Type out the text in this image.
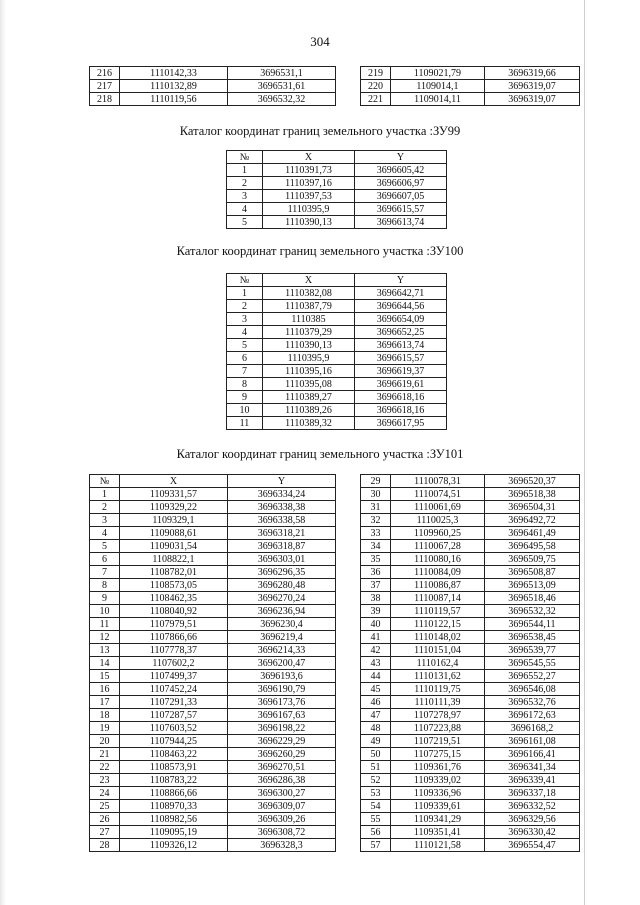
304
216	1110142,33	3696531,1
217	1110132,89	3696531,61
218	1110119,56	3696532,32
219	1109021,79	3696319,66
220	1109014,1	3696319,07
221	1109014,11	3696319,07
Каталог координат границ земельного участка :ЗУ99
№	X	Y
1	1110391,73	3696605,42
2	1110397,16	3696606,97
3	1110397,53	3696607,05
4	1110395,9	3696615,57
5	1110390,13	3696613,74
Каталог координат границ земельного участка :ЗУ100
№	X	Y
1	1110382,08	3696642,71
2	1110387,79	3696644,56
3	1110385	3696654,09
4	1110379,29	3696652,25
5	1110390,13	3696613,74
6	1110395,9	3696615,57
7	1110395,16	3696619,37
8	1110395,08	3696619,61
9	1110389,27	3696618,16
10	1110389,26	3696618,16
11	1110389,32	3696617,95
Каталог координат границ земельного участка :ЗУ101
№	X	Y
1	1109331,57	3696334,24
2	1109329,22	3696338,38
3	1109329,1	3696338,58
4	1109088,61	3696318,21
5	1109031,54	3696318,87
6	1108822,1	3696303,01
7	1108782,01	3696296,35
8	1108573,05	3696280,48
9	1108462,35	3696270,24
10	1108040,92	3696236,94
11	1107979,51	3696230,4
12	1107866,66	3696219,4
13	1107778,37	3696214,33
14	1107602,2	3696200,47
15	1107499,37	3696193,6
16	1107452,24	3696190,79
17	1107291,33	3696173,76
18	1107287,57	3696167,63
19	1107603,52	3696198,22
20	1107944,25	3696229,29
21	1108463,22	3696260,29
22	1108573,91	3696270,51
23	1108783,22	3696286,38
24	1108866,66	3696300,27
25	1108970,33	3696309,07
26	1108982,56	3696309,26
27	1109095,19	3696308,72
28	1109326,12	3696328,3
29	1110078,31	3696520,37
30	1110074,51	3696518,38
31	1110061,69	3696504,31
32	1110025,3	3696492,72
33	1109960,25	3696461,49
34	1110067,28	3696495,58
35	1110080,16	3696509,75
36	1110084,09	3696508,87
37	1110086,87	3696513,09
38	1110087,14	3696518,46
39	1110119,57	3696532,32
40	1110122,15	3696544,11
41	1110148,02	3696538,45
42	1110151,04	3696539,77
43	1110162,4	3696545,55
44	1110131,62	3696552,27
45	1110119,75	3696546,08
46	1110111,39	3696532,76
47	1107278,97	3696172,63
48	1107223,88	3696168,2
49	1107219,51	3696161,08
50	1107275,15	3696166,41
51	1109361,76	3696341,34
52	1109339,02	3696339,41
53	1109336,96	3696337,18
54	1109339,61	3696332,52
55	1109341,29	3696329,56
56	1109351,41	3696330,42
57	1110121,58	3696554,47
